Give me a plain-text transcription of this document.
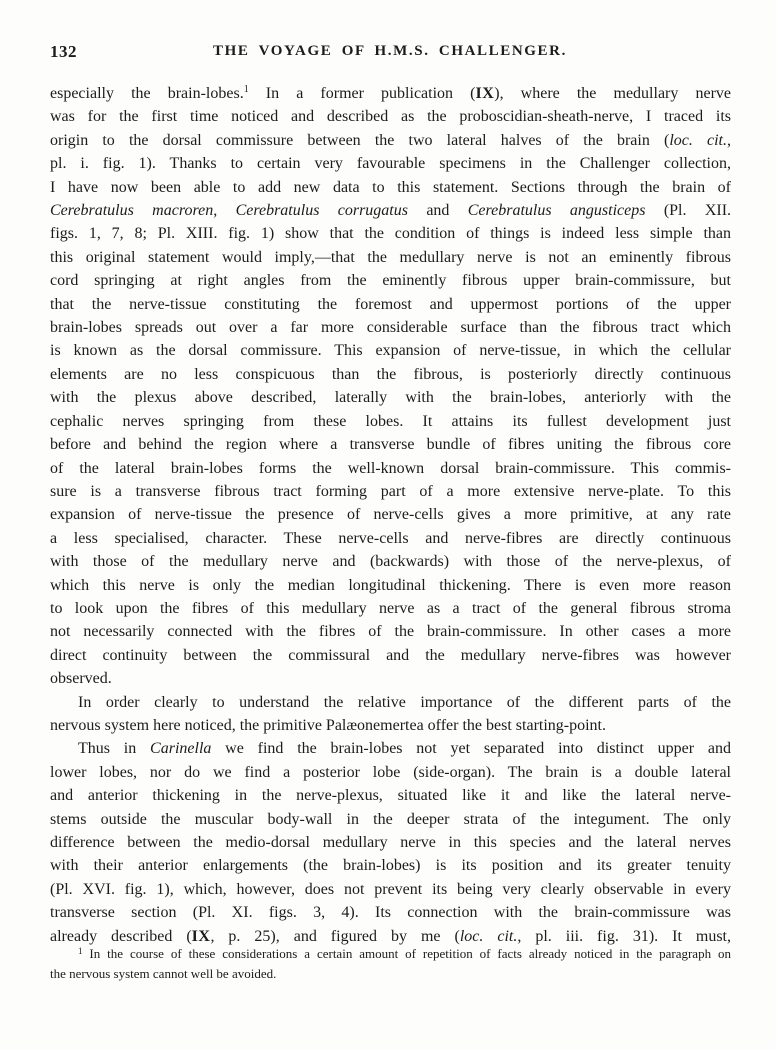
132	THE VOYAGE OF H.M.S. CHALLENGER.
especially the brain-lobes.$^1$ In a former publication (IX), where the medullary nerve
was for the first time noticed and described as the proboscidian-sheath-nerve, I traced its
origin to the dorsal commissure between the two lateral halves of the brain (loc. cit.,
pl. i. fig. 1). Thanks to certain very favourable specimens in the Challenger collection,
I have now been able to add new data to this statement. Sections through the brain of
Cerebratulus macroren, Cerebratulus corrugatus and Cerebratulus angusticeps (Pl. XII.
figs. 1, 7, 8; Pl. XIII. fig. 1) show that the condition of things is indeed less simple than
this original statement would imply,—that the medullary nerve is not an eminently fibrous
cord springing at right angles from the eminently fibrous upper brain-commissure, but
that the nerve-tissue constituting the foremost and uppermost portions of the upper
brain-lobes spreads out over a far more considerable surface than the fibrous tract which
is known as the dorsal commissure. This expansion of nerve-tissue, in which the cellular
elements are no less conspicuous than the fibrous, is posteriorly directly continuous
with the plexus above described, laterally with the brain-lobes, anteriorly with the
cephalic nerves springing from these lobes. It attains its fullest development just
before and behind the region where a transverse bundle of fibres uniting the fibrous core
of the lateral brain-lobes forms the well-known dorsal brain-commissure. This commis-
sure is a transverse fibrous tract forming part of a more extensive nerve-plate. To this
expansion of nerve-tissue the presence of nerve-cells gives a more primitive, at any rate
a less specialised, character. These nerve-cells and nerve-fibres are directly continuous
with those of the medullary nerve and (backwards) with those of the nerve-plexus, of
which this nerve is only the median longitudinal thickening. There is even more reason
to look upon the fibres of this medullary nerve as a tract of the general fibrous stroma
not necessarily connected with the fibres of the brain-commissure. In other cases a more
direct continuity between the commissural and the medullary nerve-fibres was however
observed.
In order clearly to understand the relative importance of the different parts of the
nervous system here noticed, the primitive Palæonemertea offer the best starting-point.
Thus in Carinella we find the brain-lobes not yet separated into distinct upper and
lower lobes, nor do we find a posterior lobe (side-organ). The brain is a double lateral
and anterior thickening in the nerve-plexus, situated like it and like the lateral nerve-
stems outside the muscular body-wall in the deeper strata of the integument. The only
difference between the medio-dorsal medullary nerve in this species and the lateral nerves
with their anterior enlargements (the brain-lobes) is its position and its greater tenuity
(Pl. XVI. fig. 1), which, however, does not prevent its being very clearly observable in every
transverse section (Pl. XI. figs. 3, 4). Its connection with the brain-commissure was
already described (IX, p. 25), and figured by me (loc. cit., pl. iii. fig. 31). It must,
$^1$ In the course of these considerations a certain amount of repetition of facts already noticed in the paragraph on
the nervous system cannot well be avoided.
